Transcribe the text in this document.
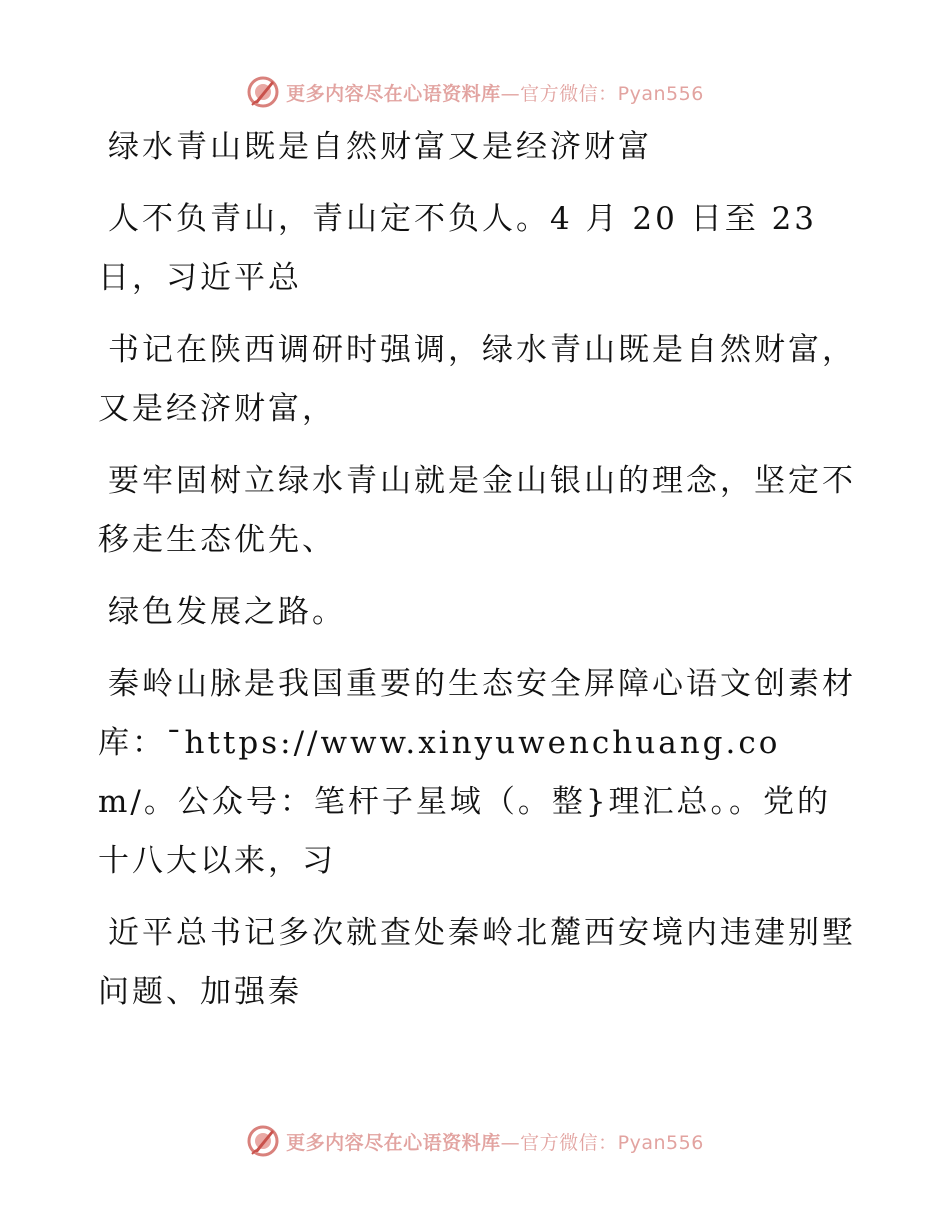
更多内容尽在心语资料库—官方微信：Pyan556

绿水青山既是自然财富又是经济财富

人不负青山，青山定不负人。4 月 20 日至 23 日，习近平总

书记在陕西调研时强调，绿水青山既是自然财富，又是经济财富，

要牢固树立绿水青山就是金山银山的理念，坚定不移走生态优先、

绿色发展之路。

秦岭山脉是我国重要的生态安全屏障心语文创素材库：¯https://www.xinyuwenchuang.com/。公众号：笔杆子星域（。整}理汇总。。党的十八大以来，习

近平总书记多次就查处秦岭北麓西安境内违建别墅问题、加强秦

更多内容尽在心语资料库—官方微信：Pyan556
